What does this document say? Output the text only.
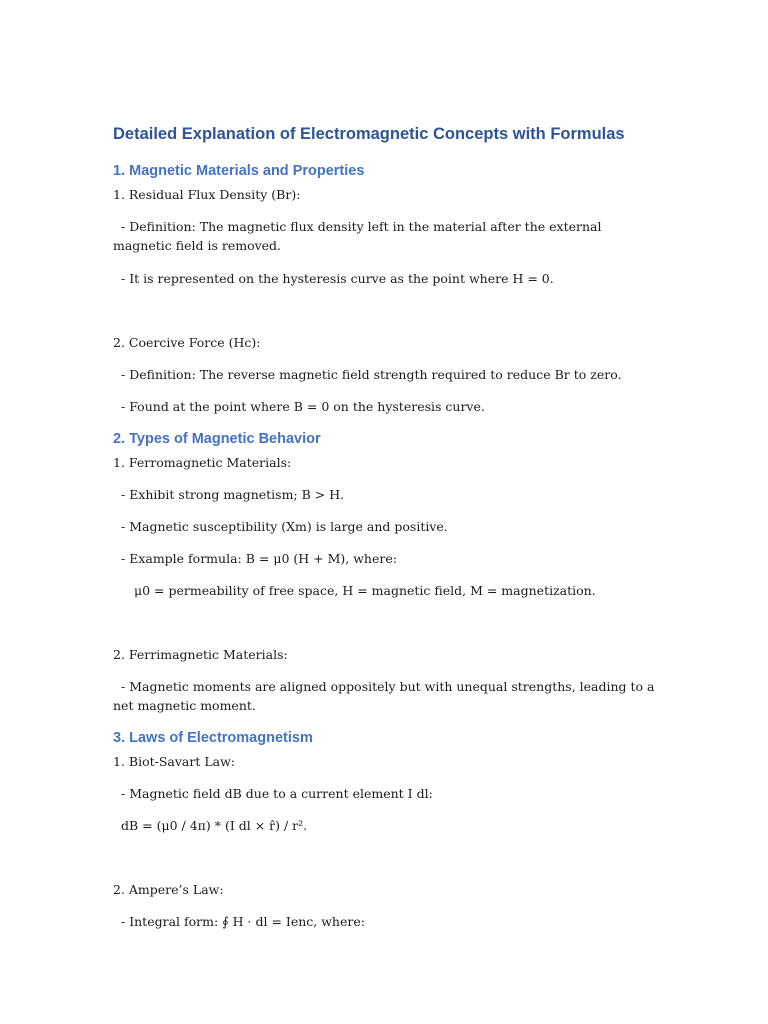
Detailed Explanation of Electromagnetic Concepts with Formulas
1. Magnetic Materials and Properties
1. Residual Flux Density (Br):
- Definition: The magnetic flux density left in the material after the external magnetic field is removed.
- It is represented on the hysteresis curve as the point where H = 0.
2. Coercive Force (Hc):
- Definition: The reverse magnetic field strength required to reduce Br to zero.
- Found at the point where B = 0 on the hysteresis curve.
2. Types of Magnetic Behavior
1. Ferromagnetic Materials:
- Exhibit strong magnetism; B > H.
- Magnetic susceptibility (Xm) is large and positive.
- Example formula: B = μ0 (H + M), where:
μ0 = permeability of free space, H = magnetic field, M = magnetization.
2. Ferrimagnetic Materials:
- Magnetic moments are aligned oppositely but with unequal strengths, leading to a net magnetic moment.
3. Laws of Electromagnetism
1. Biot-Savart Law:
- Magnetic field dB due to a current element I dl:
dB = (μ0 / 4π) * (I dl × r̂) / r².
2. Ampere’s Law:
- Integral form: ∮ H · dl = Ienc, where:
